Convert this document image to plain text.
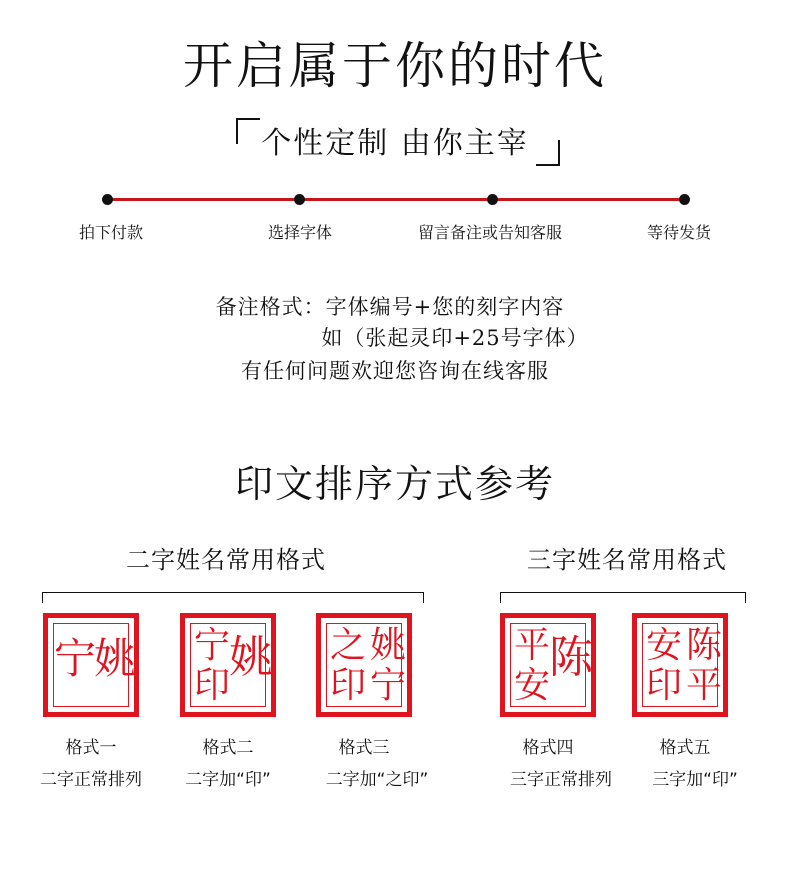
开启属于你的时代
个性定制 由你主宰
拍下付款	选择字体	留言备注或告知客服	等待发货
备注格式：字体编号+您的刻字内容
如（张起灵印+25号字体）
有任何问题欢迎您咨询在线客服
印文排序方式参考
二字姓名常用格式	三字姓名常用格式
宁
姚 宁
印
姚 之
印
姚
宁
平
安
陈 安
印
陈
平
格式一	格式二	格式三	格式四	格式五
二字正常排列	二字加“印”	二字加“之印”	三字正常排列	三字加“印”
